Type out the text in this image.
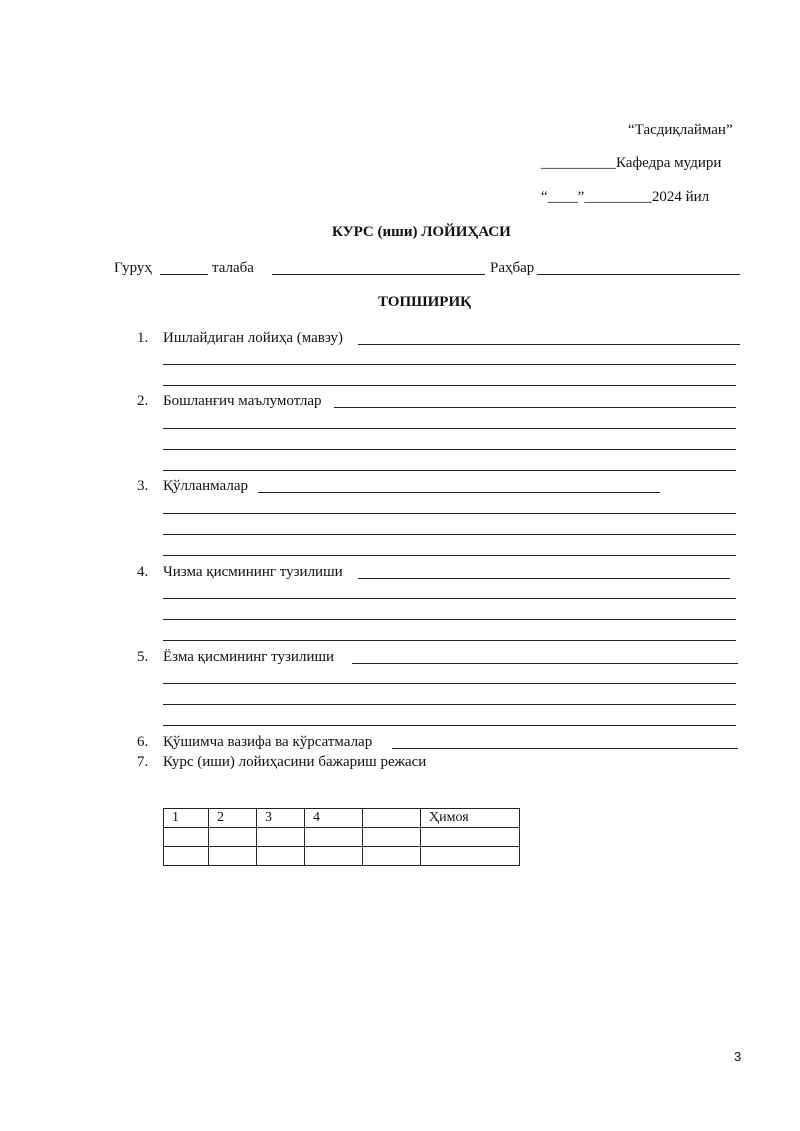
“Тасдиқлайман”
__________Кафедра мудири
“____”_________2024 йил
КУРС (иши) ЛОЙИҲАСИ
Гуруҳ	талаба	Раҳбар
ТОПШИРИҚ
1. Ишлайдиган лойиҳа (мавзу)
2. Бошланғич маълумотлар
3. Қўлланмалар
4. Чизма қисмининг тузилиши
5. Ёзма қисмининг тузилиши
6. Қўшимча вазифа ва кўрсатмалар
7. Курс (иши) лойиҳасини бажариш режаси
1	2	3	4		Ҳимоя

3
